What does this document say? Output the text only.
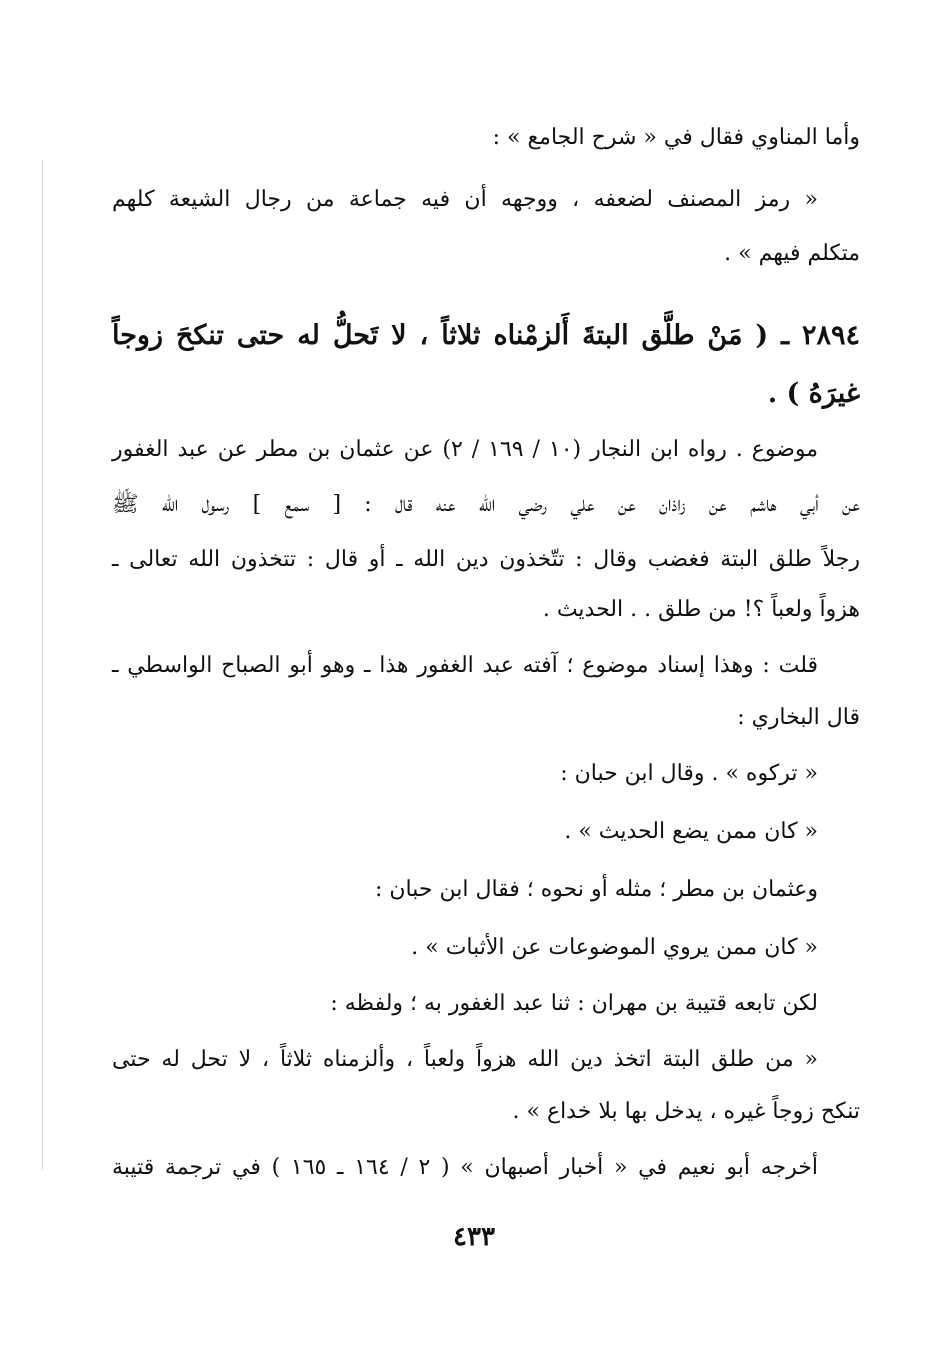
وأما المناوي فقال في « شرح الجامع » :
« رمز المصنف لضعفه ، ووجهه أن فيه جماعة من رجال الشيعة كلهم
متكلم فيهم » .
٢٨٩٤ ـ ( مَنْ طلَّق البتةَ أَلزمْناه ثلاثاً ، لا تَحلُّ له حتى تنكحَ زوجاً
غيرَهُ ) .
موضوع . رواه ابن النجار (١٠ / ١٦٩ / ٢) عن عثمان بن مطر عن عبد الغفور
عن أبي هاشم عن زاذان عن علي رضي الله عنه قال : [ سمع ] رسول الله ﷺ
رجلاً طلق البتة فغضب وقال : تتّخذون دين الله ـ أو قال : تتخذون الله تعالى ـ
هزواً ولعباً ؟! من طلق . . الحديث .
قلت : وهذا إسناد موضوع ؛ آفته عبد الغفور هذا ـ وهو أبو الصباح الواسطي ـ
قال البخاري :
« تركوه » . وقال ابن حبان :
« كان ممن يضع الحديث » .
وعثمان بن مطر ؛ مثله أو نحوه ؛ فقال ابن حبان :
« كان ممن يروي الموضوعات عن الأثبات » .
لكن تابعه قتيبة بن مهران : ثنا عبد الغفور به ؛ ولفظه :
« من طلق البتة اتخذ دين الله هزواً ولعباً ، وألزمناه ثلاثاً ، لا تحل له حتى
تنكح زوجاً غيره ، يدخل بها بلا خداع » .
أخرجه أبو نعيم في « أخبار أصبهان » ( ٢ / ١٦٤ ـ ١٦٥ ) في ترجمة قتيبة
٤٣٣
